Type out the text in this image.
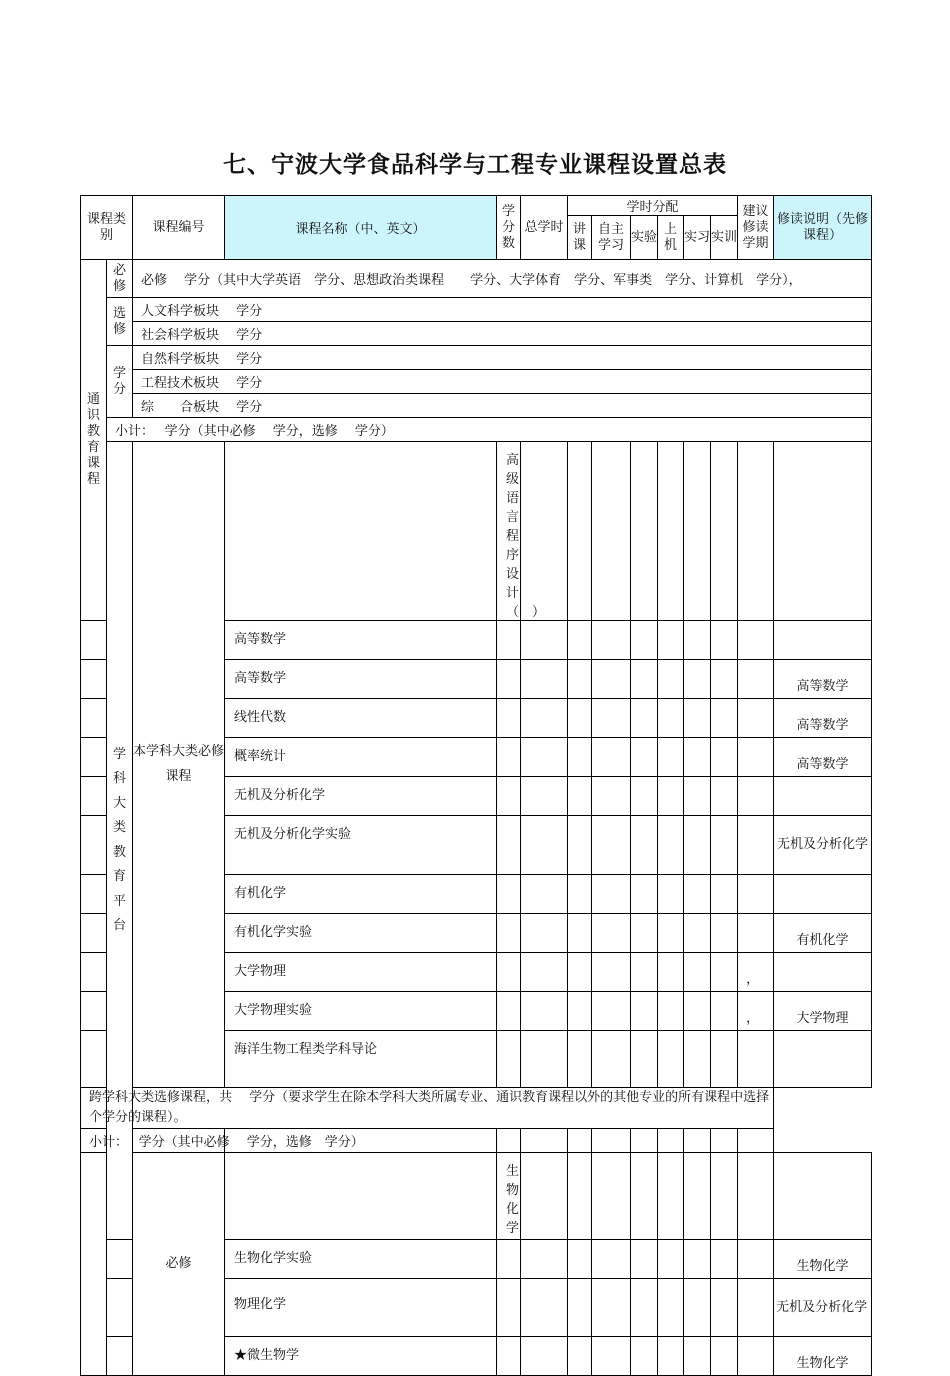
七、宁波大学食品科学与工程专业课程设置总表
课程类别		课程编号	课程名称（中、英文）	学分数	总学时	学时分配						建议修读学期	修读说明（先修课程）	
						讲课	自主学习	实验	上机	实习	实训			
通识教育课程	必修	必修　 学分（其中大学英语　学分、思想政治类课程　　学分、大学体育　学分、军事类　学分、计算机　学分），												
	选修	人文科学板块　 学分												
		社会科学板块　 学分												
	学分	自然科学板块　 学分												
		工程技术板块　 学分												
		综　　合板块　 学分												
	小计：　 学分（其中必修　 学分，选修　 学分）													
	学科大类教育平台	本学科大类必修课程		高级语言程序设计（　）										
			高等数学											
			高等数学										高等数学	
			线性代数										高等数学	
			概率统计										高等数学	
			无机及分析化学											
			无机及分析化学实验										无机及分析化学	
			有机化学											
			有机化学实验										有机化学	
			大学物理									，		
			大学物理实验									，	大学物理	
			海洋生物工程类学科导论											
跨学科大类选修课程，共　 学分（要求学生在除本学科大类所属专业、通识教育课程以外的其他专业的所有课程中选择　个学分的课程）。														
小计：　 学分（其中必修　 学分，选修　学分）														
		必修		生物化学										
			生物化学实验										生物化学	
			物理化学										无机及分析化学	
			★微生物学										生物化学	
